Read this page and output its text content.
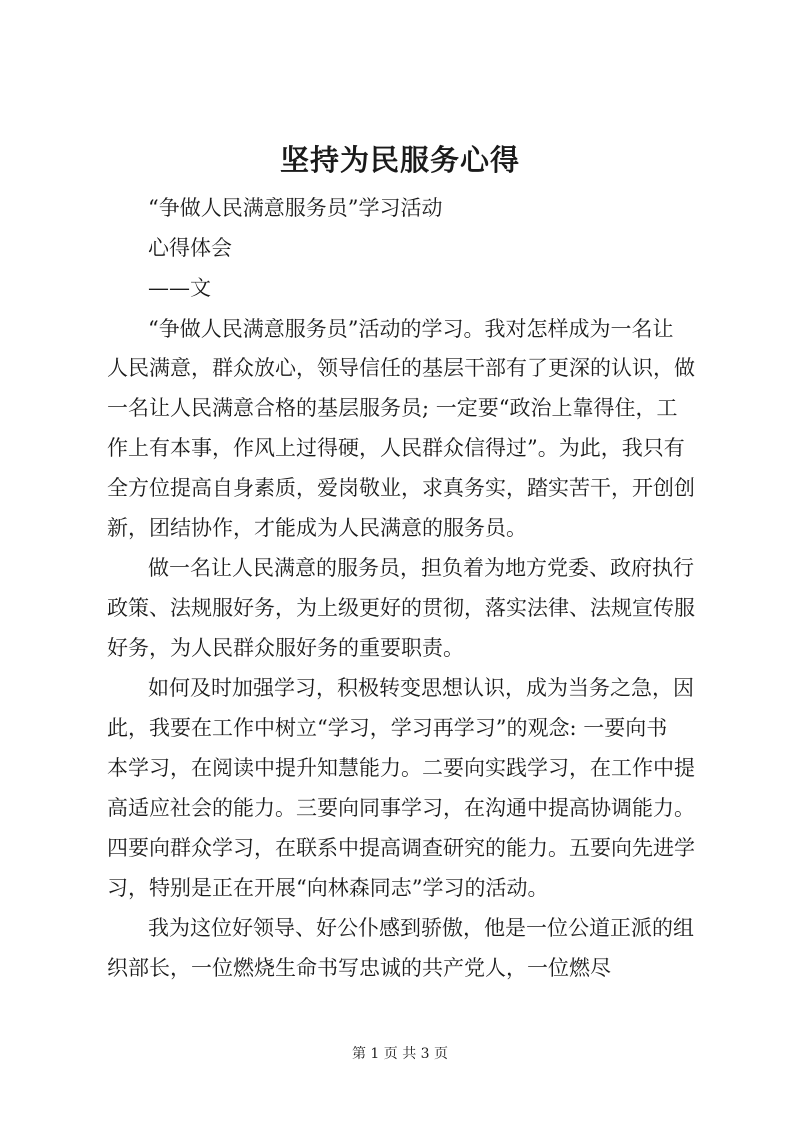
坚持为民服务心得
“争做人民满意服务员”学习活动
心得体会
——文
“争做人民满意服务员”活动的学习。我对怎样成为一名让
人民满意，群众放心，领导信任的基层干部有了更深的认识，做
一名让人民满意合格的基层服务员; 一定要“政治上靠得住，工
作上有本事，作风上过得硬，人民群众信得过”。为此，我只有
全方位提高自身素质，爱岗敬业，求真务实，踏实苦干，开创创
新，团结协作，才能成为人民满意的服务员。
做一名让人民满意的服务员，担负着为地方党委、政府执行
政策、法规服好务，为上级更好的贯彻，落实法律、法规宣传服
好务，为人民群众服好务的重要职责。
如何及时加强学习，积极转变思想认识，成为当务之急，因
此，我要在工作中树立“学习，学习再学习”的观念: 一要向书
本学习，在阅读中提升知慧能力。二要向实践学习，在工作中提
高适应社会的能力。三要向同事学习，在沟通中提高协调能力。
四要向群众学习，在联系中提高调查研究的能力。五要向先进学
习，特别是正在开展“向林森同志”学习的活动。
我为这位好领导、好公仆感到骄傲，他是一位公道正派的组
织部长，一位燃烧生命书写忠诚的共产党人，一位燃尽
第 1 页 共 3 页
